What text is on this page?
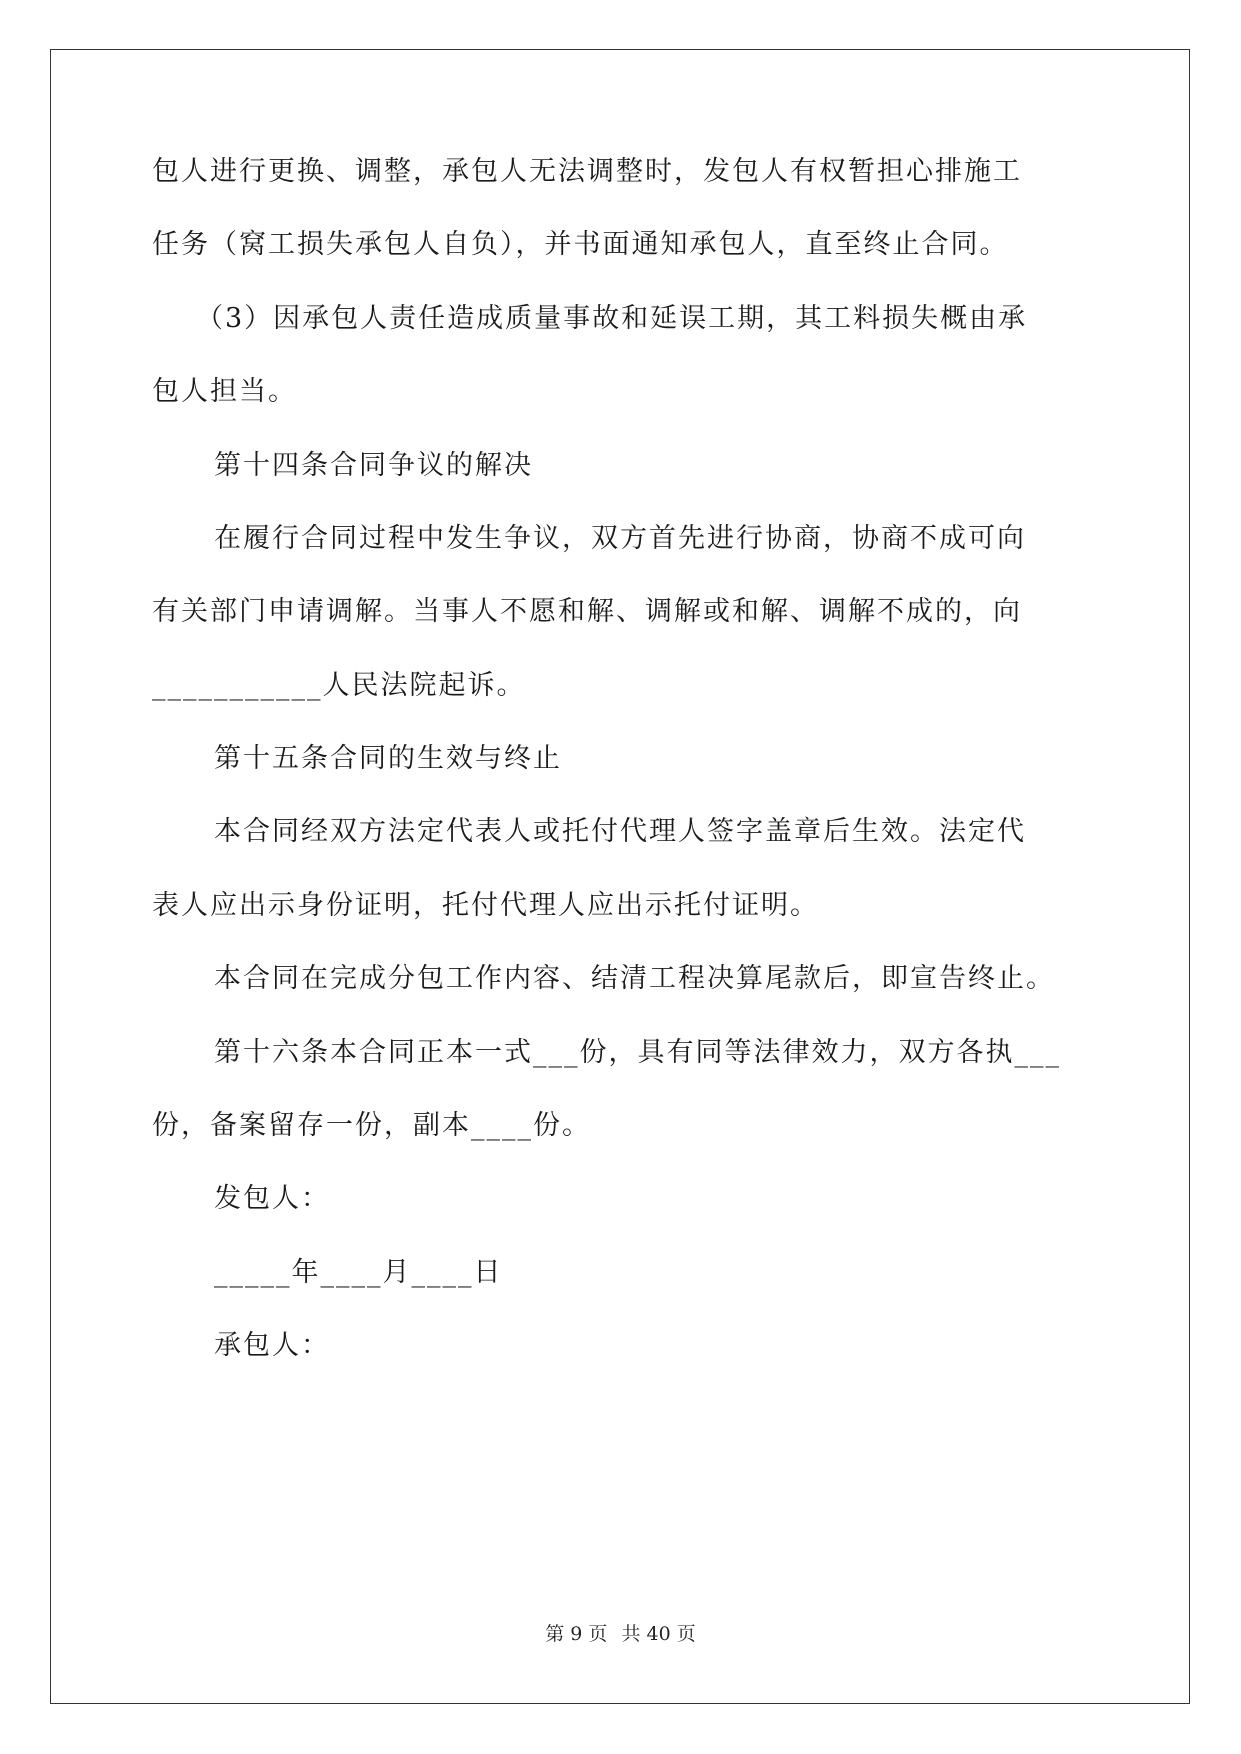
包人进行更换、调整，承包人无法调整时，发包人有权暂担心排施工
任务（窝工损失承包人自负），并书面通知承包人，直至终止合同。
（3）因承包人责任造成质量事故和延误工期，其工料损失概由承
包人担当。
第十四条合同争议的解决
在履行合同过程中发生争议，双方首先进行协商，协商不成可向
有关部门申请调解。当事人不愿和解、调解或和解、调解不成的，向
___________人民法院起诉。
第十五条合同的生效与终止
本合同经双方法定代表人或托付代理人签字盖章后生效。法定代
表人应出示身份证明，托付代理人应出示托付证明。
本合同在完成分包工作内容、结清工程决算尾款后，即宣告终止。
第十六条本合同正本一式___份，具有同等法律效力，双方各执___
份，备案留存一份，副本____份。
发包人：
_____年____月____日
承包人：
第 9 页 共 40 页
